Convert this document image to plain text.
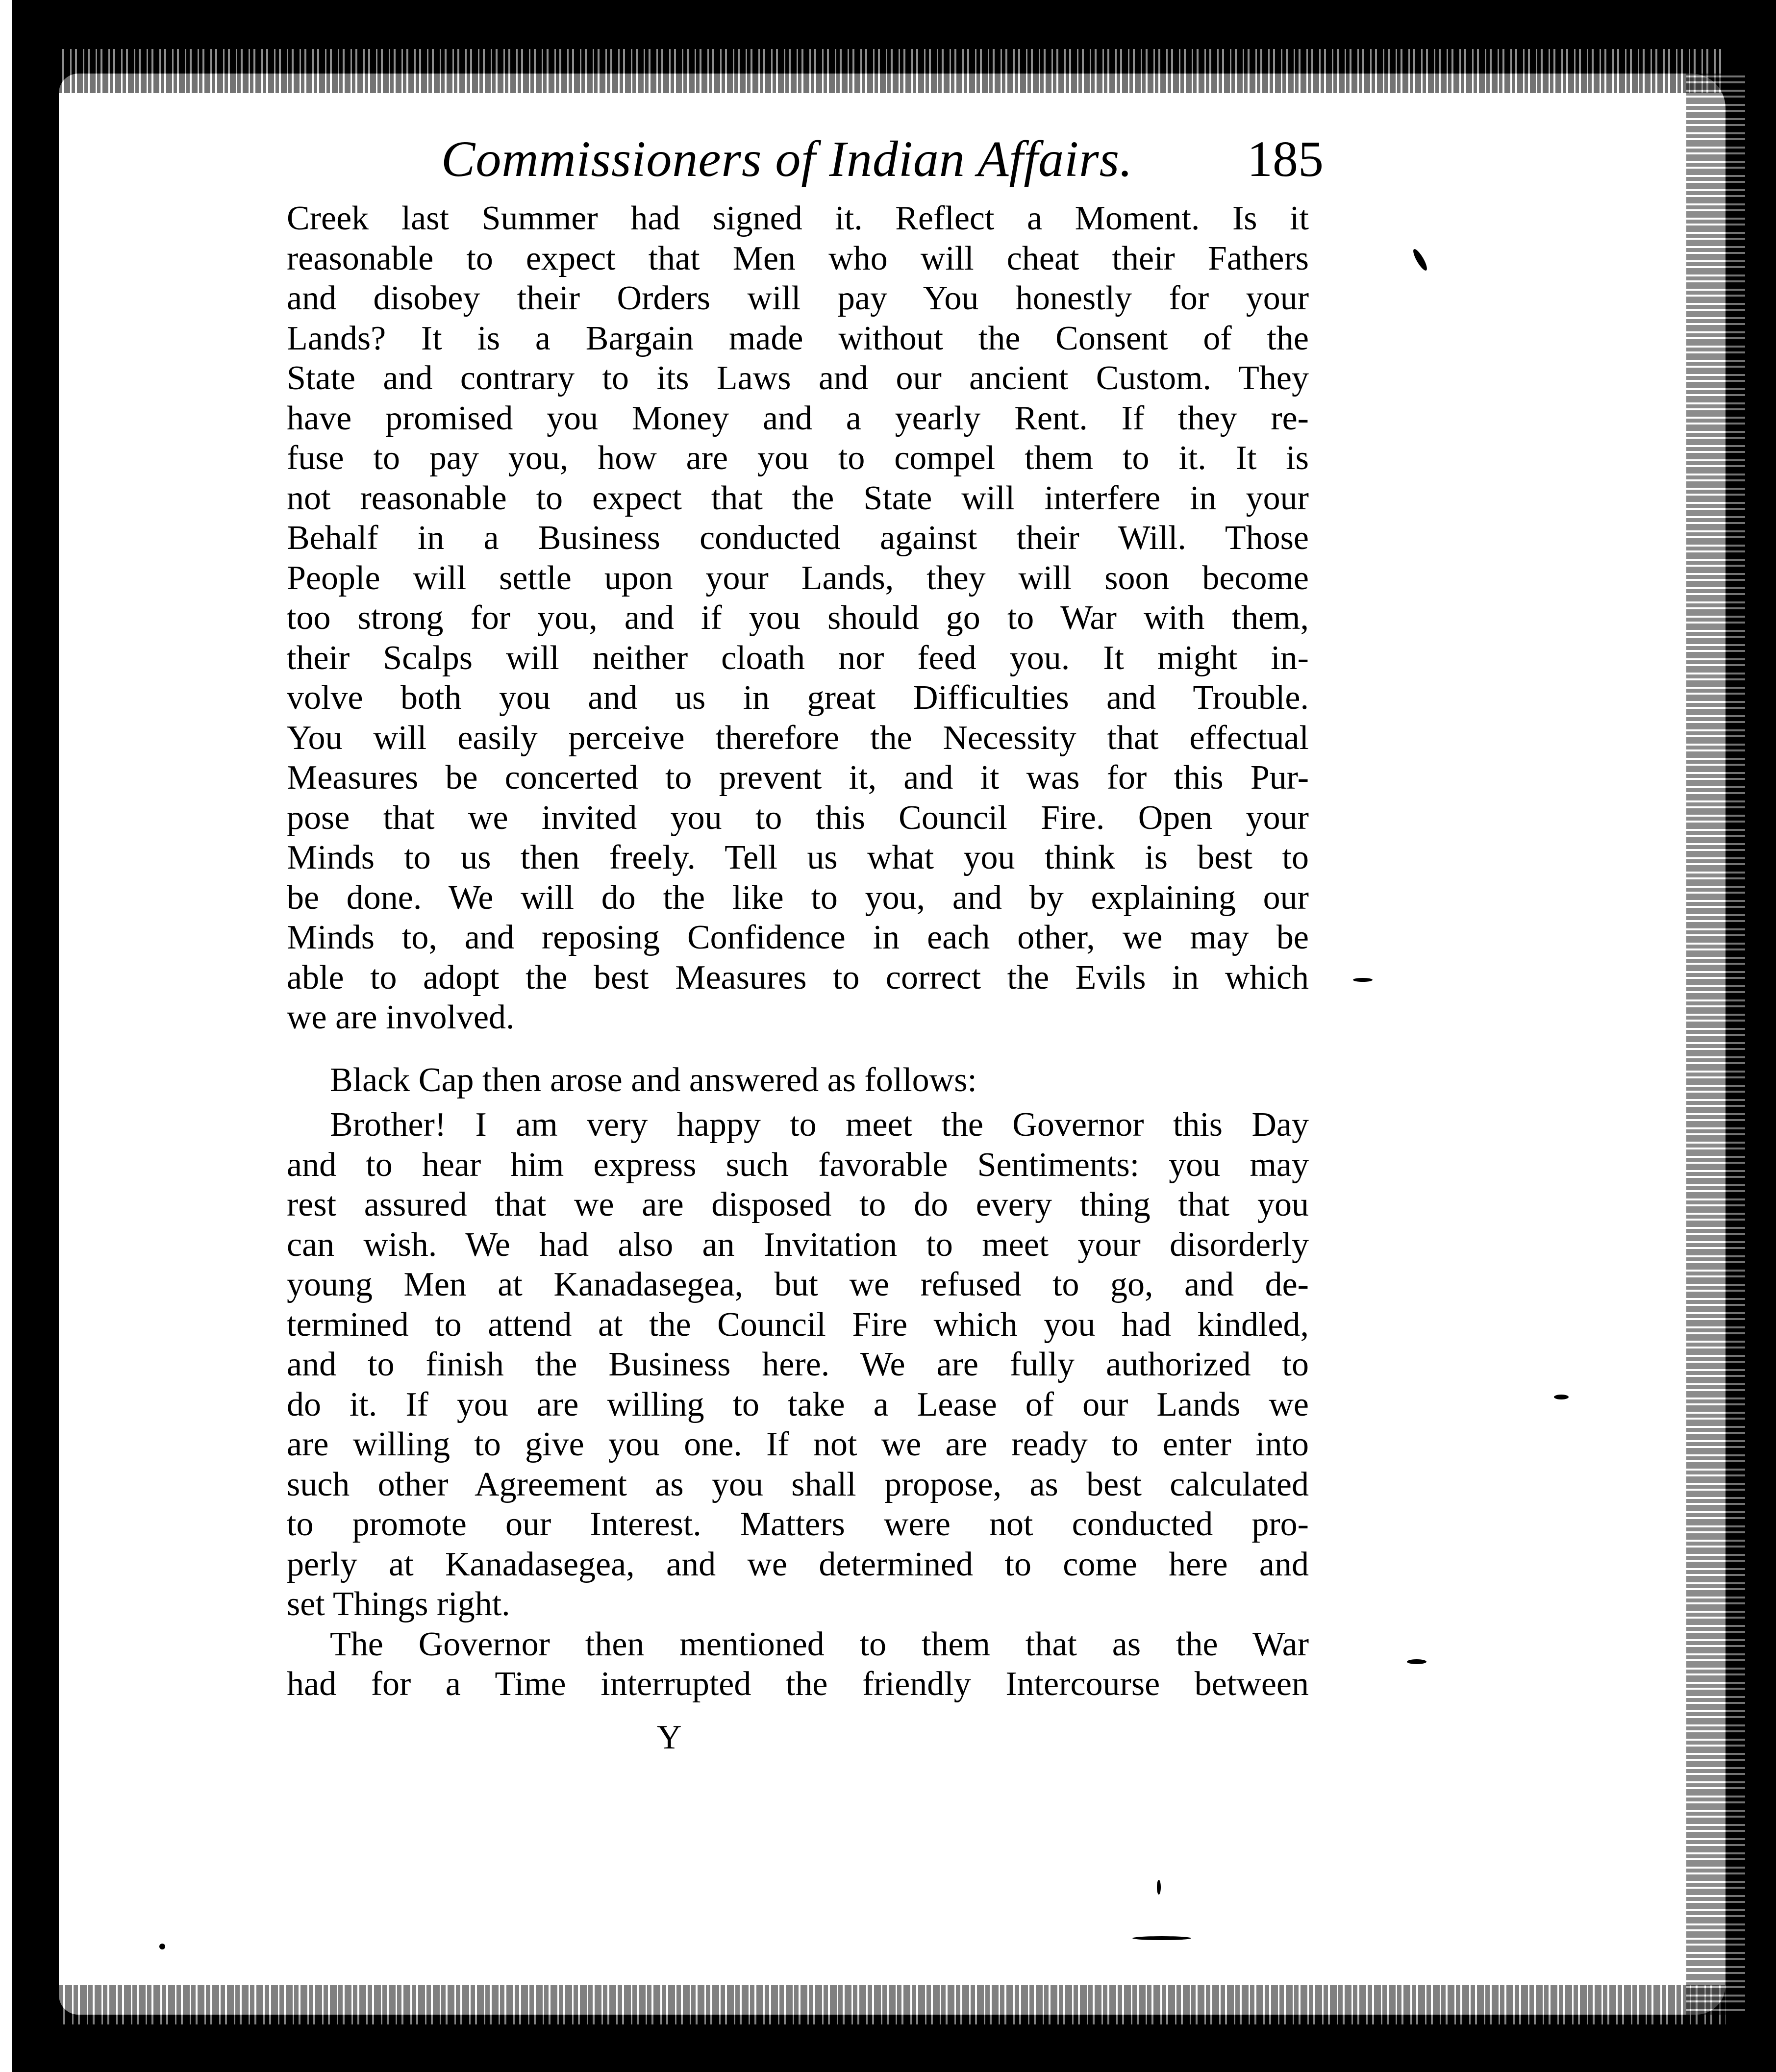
Commissioners of Indian Affairs. 185
Creek last Summer had signed it. Reflect a Moment. Is it
reasonable to expect that Men who will cheat their Fathers
and disobey their Orders will pay You honestly for your
Lands? It is a Bargain made without the Consent of the
State and contrary to its Laws and our ancient Custom. They
have promised you Money and a yearly Rent. If they re-
fuse to pay you, how are you to compel them to it. It is
not reasonable to expect that the State will interfere in your
Behalf in a Business conducted against their Will. Those
People will settle upon your Lands, they will soon become
too strong for you, and if you should go to War with them,
their Scalps will neither cloath nor feed you. It might in-
volve both you and us in great Difficulties and Trouble.
You will easily perceive therefore the Necessity that effectual
Measures be concerted to prevent it, and it was for this Pur-
pose that we invited you to this Council Fire. Open your
Minds to us then freely. Tell us what you think is best to
be done. We will do the like to you, and by explaining our
Minds to, and reposing Confidence in each other, we may be
able to adopt the best Measures to correct the Evils in which
we are involved.
Black Cap then arose and answered as follows:
Brother! I am very happy to meet the Governor this Day
and to hear him express such favorable Sentiments: you may
rest assured that we are disposed to do every thing that you
can wish. We had also an Invitation to meet your disorderly
young Men at Kanadasegea, but we refused to go, and de-
termined to attend at the Council Fire which you had kindled,
and to finish the Business here. We are fully authorized to
do it. If you are willing to take a Lease of our Lands we
are willing to give you one. If not we are ready to enter into
such other Agreement as you shall propose, as best calculated
to promote our Interest. Matters were not conducted pro-
perly at Kanadasegea, and we determined to come here and
set Things right.
The Governor then mentioned to them that as the War
had for a Time interrupted the friendly Intercourse between
Y
